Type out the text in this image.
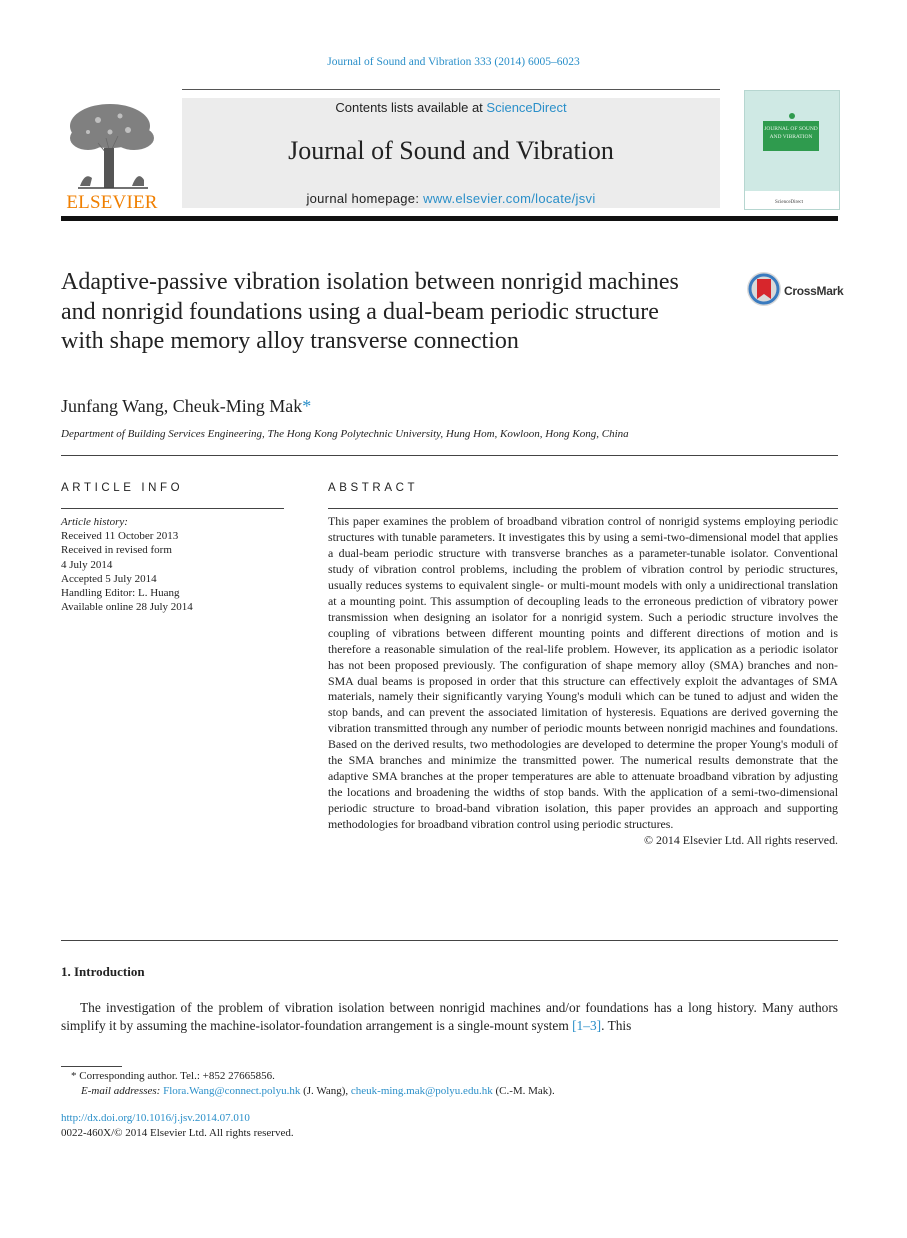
Journal of Sound and Vibration 333 (2014) 6005–6023
ELSEVIER
Contents lists available at ScienceDirect
Journal of Sound and Vibration
journal homepage: www.elsevier.com/locate/jsvi
JOURNAL OF SOUND AND VIBRATION
ScienceDirect
Adaptive-passive vibration isolation between nonrigid machines and nonrigid foundations using a dual-beam periodic structure with shape memory alloy transverse connection
CrossMark
Junfang Wang, Cheuk-Ming Mak*
Department of Building Services Engineering, The Hong Kong Polytechnic University, Hung Hom, Kowloon, Hong Kong, China
ARTICLE INFO	ABSTRACT
Article history:
Received 11 October 2013
Received in revised form
4 July 2014
Accepted 5 July 2014
Handling Editor: L. Huang
Available online 28 July 2014
This paper examines the problem of broadband vibration control of nonrigid systems employing periodic structures with tunable parameters. It investigates this by using a semi-two-dimensional model that applies a dual-beam periodic structure with transverse branches as a parameter-tunable isolator. Conventional study of vibration control problems, including the problem of vibration control by periodic structures, usually reduces systems to equivalent single- or multi-mount models with only a unidirectional translation at a mounting point. This assumption of decoupling leads to the erroneous prediction of vibratory power transmission when designing an isolator for a nonrigid system. Such a periodic structure involves the coupling of vibrations between different mounting points and different directions of motion and is therefore a reasonable simulation of the real-life problem. However, its application as a periodic isolator has not been proposed previously. The configuration of shape memory alloy (SMA) branches and non-SMA dual beams is proposed in order that this structure can effectively exploit the advantages of SMA materials, namely their significantly varying Young's moduli which can be tuned to adjust and widen the stop bands, and can prevent the associated limitation of hysteresis. Equations are derived governing the vibration transmitted through any number of periodic mounts between nonrigid machines and foundations. Based on the derived results, two methodologies are developed to determine the proper Young's moduli of the SMA branches and minimize the transmitted power. The numerical results demonstrate that the adaptive SMA branches at the proper temperatures are able to attenuate broadband vibration by adjusting the locations and broadening the widths of stop bands. With the application of a semi-two-dimensional periodic structure to broad-band vibration isolation, this paper provides an approach and supporting methodologies for broadband vibration control using periodic structures.
© 2014 Elsevier Ltd. All rights reserved.
1. Introduction
The investigation of the problem of vibration isolation between nonrigid machines and/or foundations has a long history. Many authors simplify it by assuming the machine-isolator-foundation arrangement is a single-mount system [1–3]. This
* Corresponding author. Tel.: +852 27665856.
E-mail addresses: Flora.Wang@connect.polyu.hk (J. Wang), cheuk-ming.mak@polyu.edu.hk (C.-M. Mak).
http://dx.doi.org/10.1016/j.jsv.2014.07.010
0022-460X/© 2014 Elsevier Ltd. All rights reserved.
